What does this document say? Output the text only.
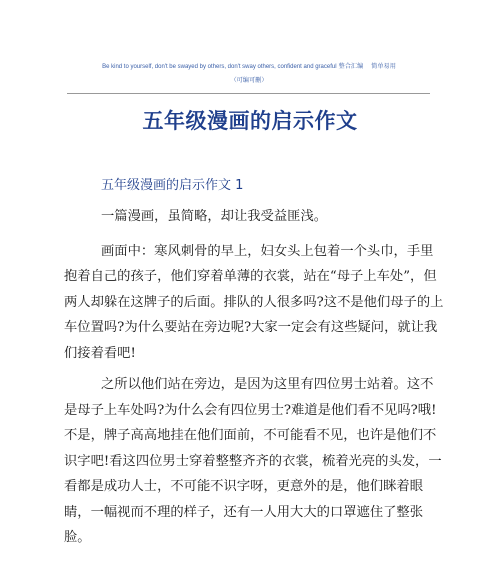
Be kind to yourself, don't be swayed by others, don't sway others, confident and graceful 整合汇编 简单易用
（可编可删）
五年级漫画的启示作文
五年级漫画的启示作文 1

一篇漫画，虽简略，却让我受益匪浅。

画面中：寒风刺骨的早上，妇女头上包着一个头巾，手里抱着自己的孩子，他们穿着单薄的衣裳，站在“母子上车处”，但两人却躲在这牌子的后面。排队的人很多吗?这不是他们母子的上车位置吗?为什么要站在旁边呢?大家一定会有这些疑问，就让我们接着看吧!

之所以他们站在旁边，是因为这里有四位男士站着。这不是母子上车处吗?为什么会有四位男士?难道是他们看不见吗?哦!不是，牌子高高地挂在他们面前，不可能看不见，也许是他们不识字吧!看这四位男士穿着整整齐齐的衣裳，梳着光亮的头发，一看都是成功人士，不可能不识字呀，更意外的是，他们眯着眼睛，一幅视而不理的样子，还有一人用大大的口罩遮住了整张脸。
